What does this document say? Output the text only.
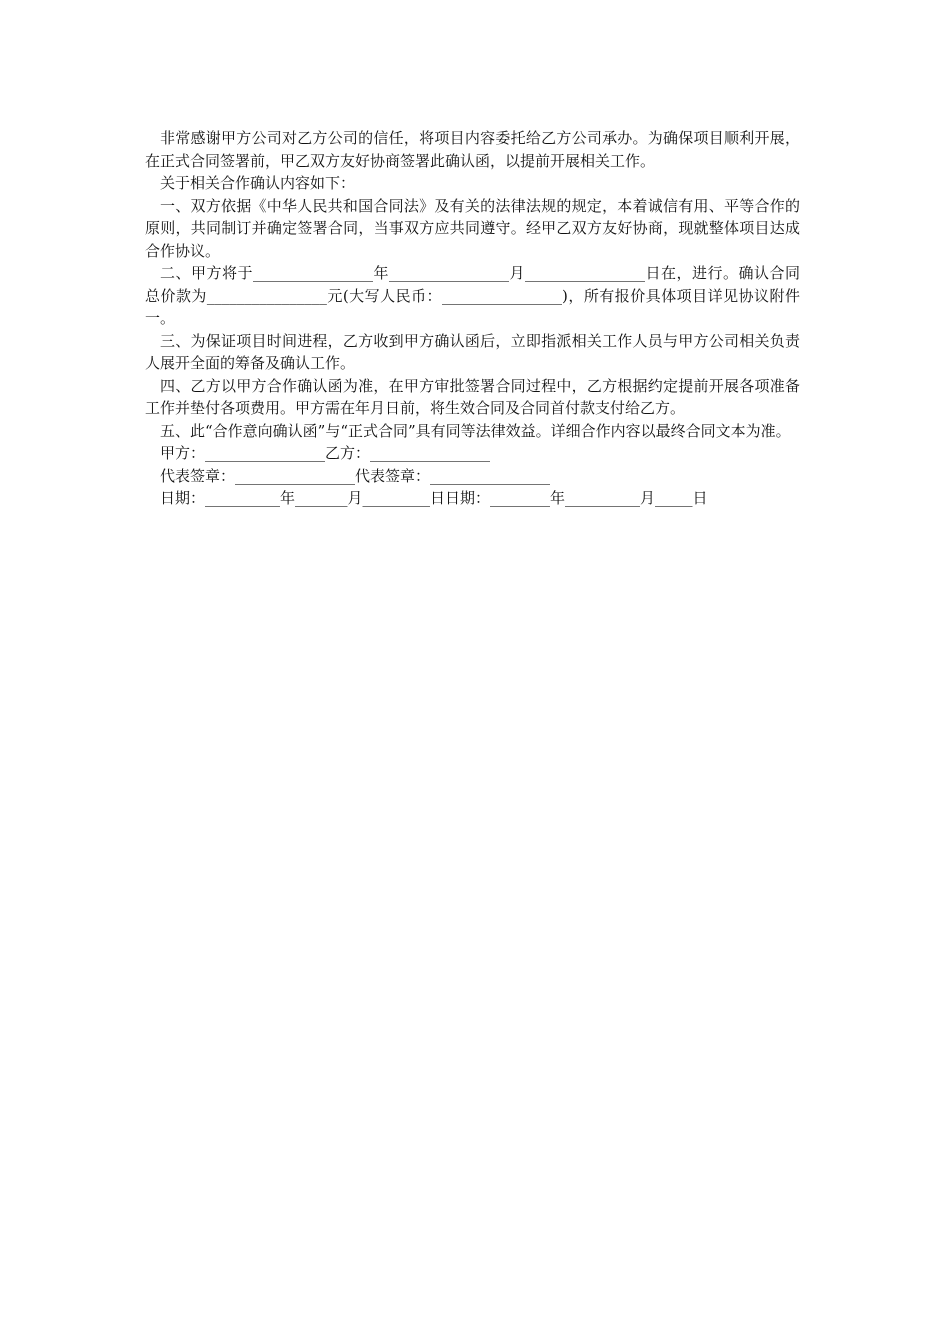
非常感谢甲方公司对乙方公司的信任，将项目内容委托给乙方公司承办。为确保项目顺利开展，在正式合同签署前，甲乙双方友好协商签署此确认函，以提前开展相关工作。

关于相关合作确认内容如下：

一、双方依据《中华人民共和国合同法》及有关的法律法规的规定，本着诚信有用、平等合作的原则，共同制订并确定签署合同，当事双方应共同遵守。经甲乙双方友好协商，现就整体项目达成合作协议。

二、甲方将于________________年________________月________________日在，进行。确认合同总价款为________________元(大写人民币：________________)，所有报价具体项目详见协议附件一。

三、为保证项目时间进程，乙方收到甲方确认函后，立即指派相关工作人员与甲方公司相关负责人展开全面的筹备及确认工作。

四、乙方以甲方合作确认函为准，在甲方审批签署合同过程中，乙方根据约定提前开展各项准备工作并垫付各项费用。甲方需在年月日前，将生效合同及合同首付款支付给乙方。

五、此“合作意向确认函”与“正式合同”具有同等法律效益。详细合作内容以最终合同文本为准。

甲方：________________乙方：________________

代表签章：________________代表签章：________________

日期：__________年_______月_________日日期：________年__________月_____日
